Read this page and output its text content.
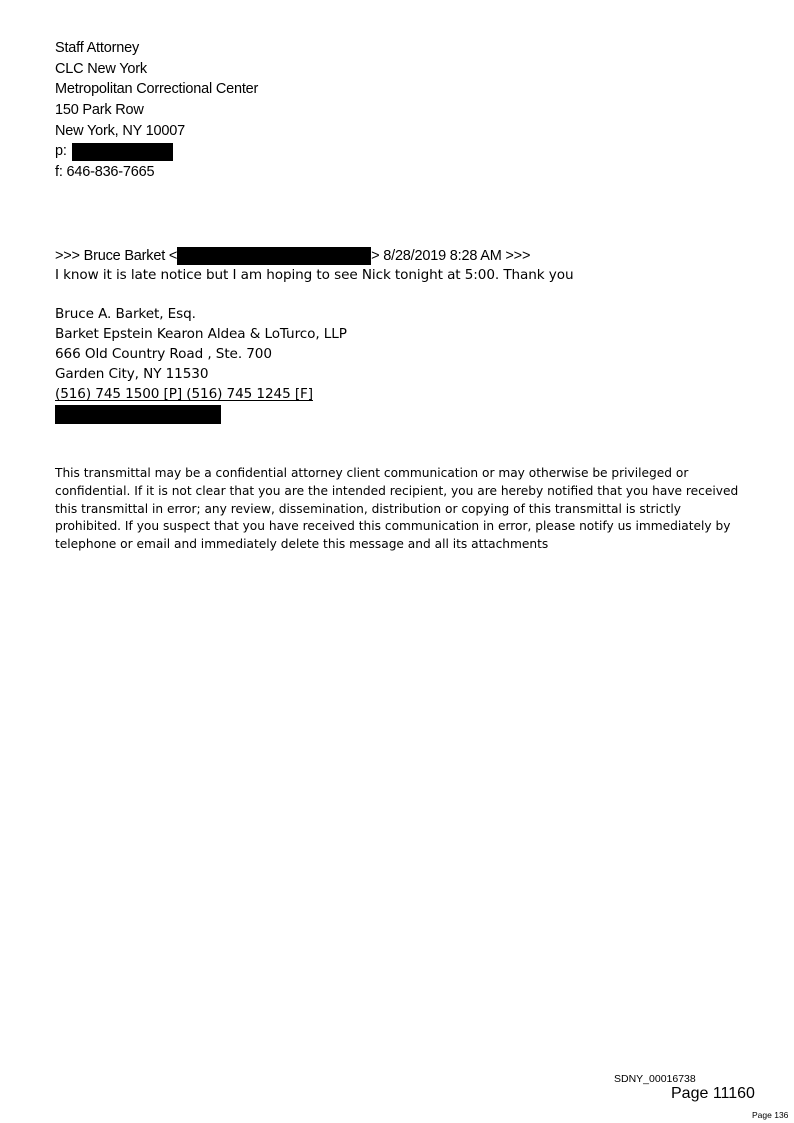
Staff Attorney
CLC New York
Metropolitan Correctional Center
150 Park Row
New York, NY 10007
p:
f: 646-836-7665
>>> Bruce Barket <	> 8/28/2019 8:28 AM >>>
I know it is late notice but I am hoping to see Nick tonight at 5:00. Thank you
Bruce A. Barket, Esq.
Barket Epstein Kearon Aldea & LoTurco, LLP
666 Old Country Road , Ste. 700
Garden City, NY 11530
(516) 745 1500 [P] (516) 745 1245 [F]
This transmittal may be a confidential attorney client communication or may otherwise be privileged or
confidential. If it is not clear that you are the intended recipient, you are hereby notified that you have received
this transmittal in error; any review, dissemination, distribution or copying of this transmittal is strictly
prohibited. If you suspect that you have received this communication in error, please notify us immediately by
telephone or email and immediately delete this message and all its attachments
SDNY_00016738
Page 11160
Page 136
